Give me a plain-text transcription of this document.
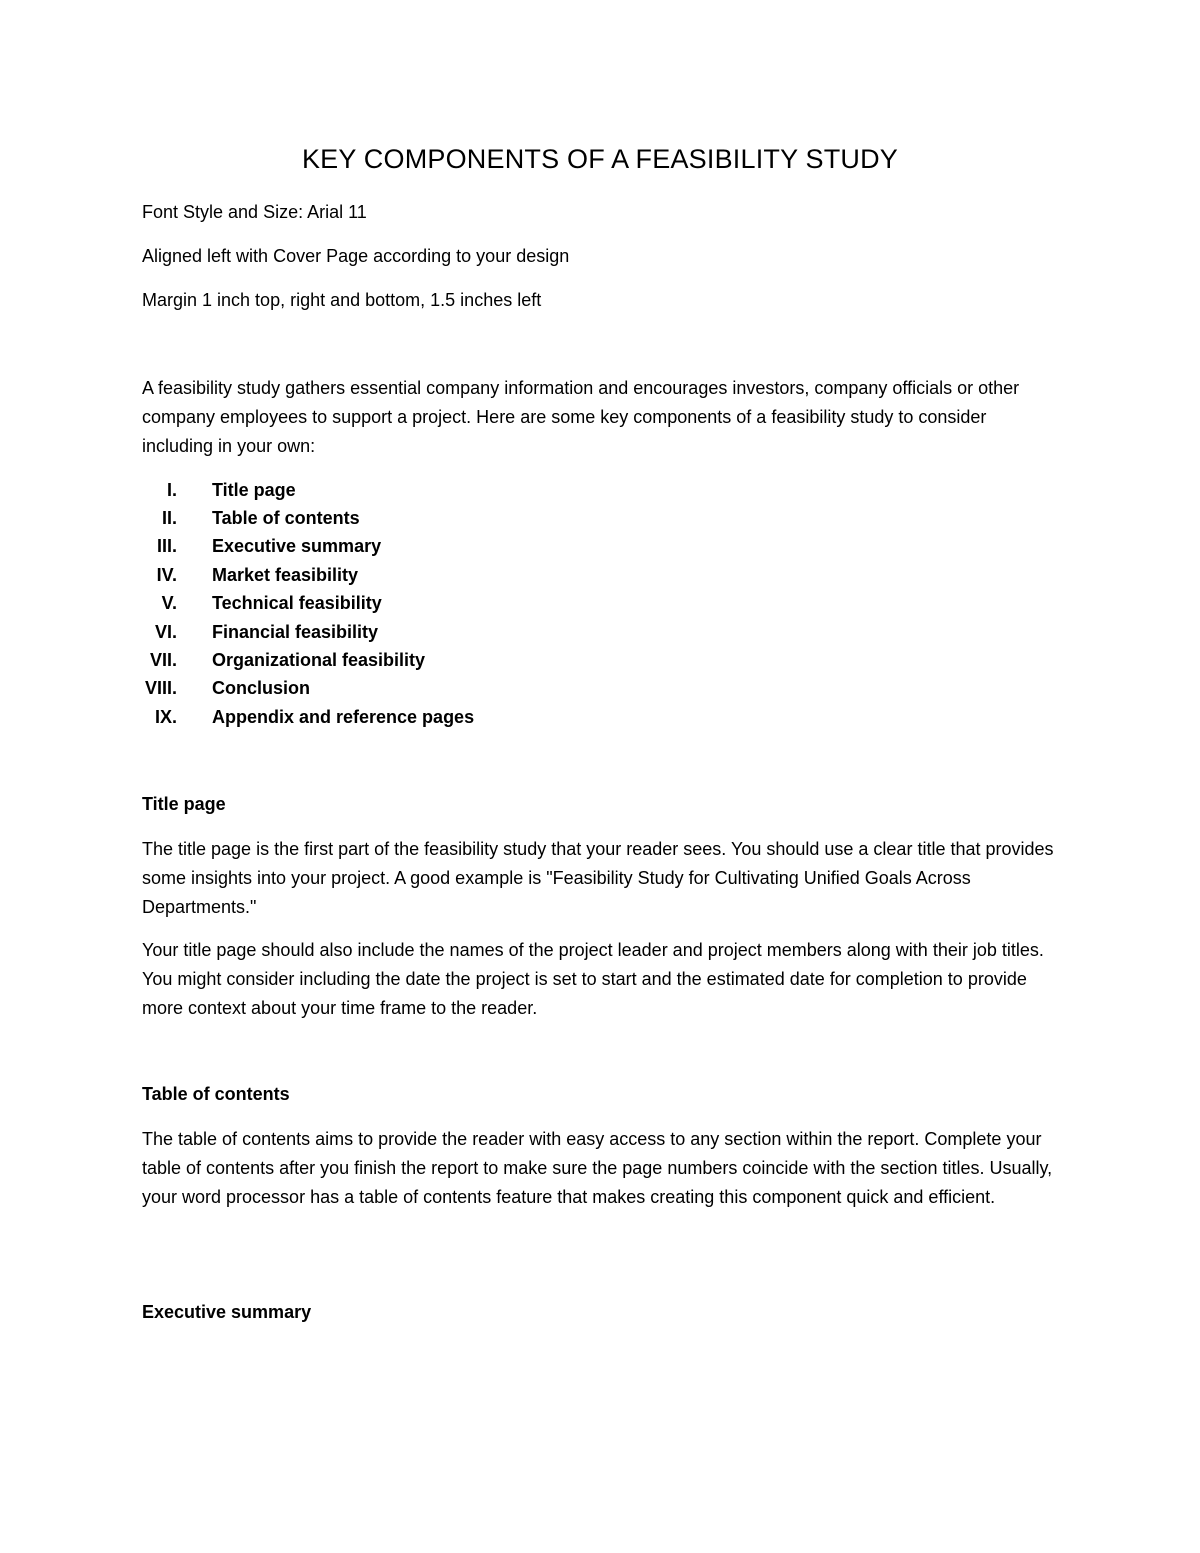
KEY COMPONENTS OF A FEASIBILITY STUDY

Font Style and Size: Arial 11

Aligned left with Cover Page according to your design

Margin 1 inch top, right and bottom, 1.5 inches left

A feasibility study gathers essential company information and encourages investors, company officials or other company employees to support a project. Here are some key components of a feasibility study to consider including in your own:

I. Title page
II. Table of contents
III. Executive summary
IV. Market feasibility
V. Technical feasibility
VI. Financial feasibility
VII. Organizational feasibility
VIII. Conclusion
IX. Appendix and reference pages
Title page

The title page is the first part of the feasibility study that your reader sees. You should use a clear title that provides some insights into your project. A good example is "Feasibility Study for Cultivating Unified Goals Across Departments."

Your title page should also include the names of the project leader and project members along with their job titles. You might consider including the date the project is set to start and the estimated date for completion to provide more context about your time frame to the reader.

Table of contents

The table of contents aims to provide the reader with easy access to any section within the report. Complete your table of contents after you finish the report to make sure the page numbers coincide with the section titles. Usually, your word processor has a table of contents feature that makes creating this component quick and efficient.

Executive summary
